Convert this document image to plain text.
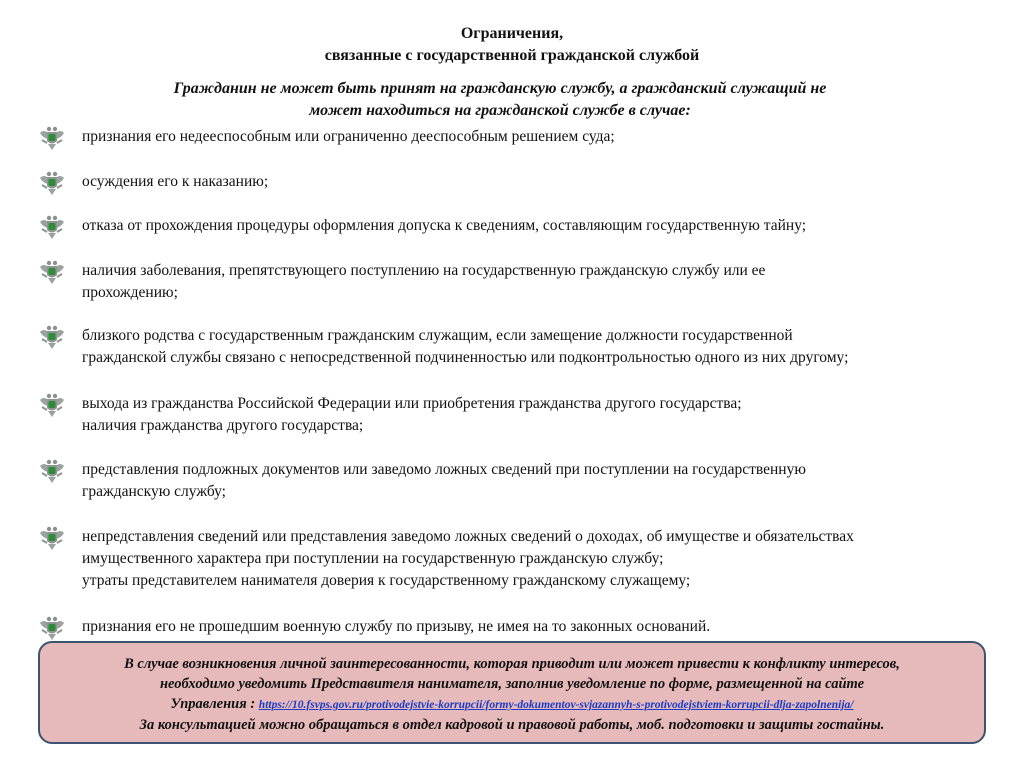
Ограничения,
связанные с государственной гражданской службой
Гражданин не может быть принят на гражданскую службу, а гражданский служащий не
может находиться на гражданской службе в случае:
признания его недееспособным или ограниченно дееспособным решением суда;
осуждения его к наказанию;
отказа от прохождения процедуры оформления допуска к сведениям, составляющим государственную тайну;
наличия заболевания, препятствующего поступлению на государственную гражданскую службу или ее
прохождению;
близкого родства с государственным гражданским служащим, если замещение должности государственной
гражданской службы связано с непосредственной подчиненностью или подконтрольностью одного из них другому;
выхода из гражданства Российской Федерации или приобретения гражданства другого государства;
наличия гражданства другого государства;
представления подложных документов или заведомо ложных сведений при поступлении на государственную
гражданскую службу;
непредставления сведений или представления заведомо ложных сведений о доходах, об имуществе и обязательствах
имущественного характера при поступлении на государственную гражданскую службу;
утраты представителем нанимателя доверия к государственному гражданскому служащему;
признания его не прошедшим военную службу по призыву, не имея на то законных оснований.
В случае возникновения личной заинтересованности, которая приводит или может привести к конфликту интересов,
необходимо уведомить Представителя нанимателя, заполнив уведомление по форме, размещенной на сайте
Управления : https://10.fsvps.gov.ru/protivodejstvie-korrupcii/formy-dokumentov-svjazannyh-s-protivodejstviem-korrupcii-dlja-zapolnenija/
За консультацией можно обращаться в отдел кадровой и правовой работы, моб. подготовки и защиты гостайны.
